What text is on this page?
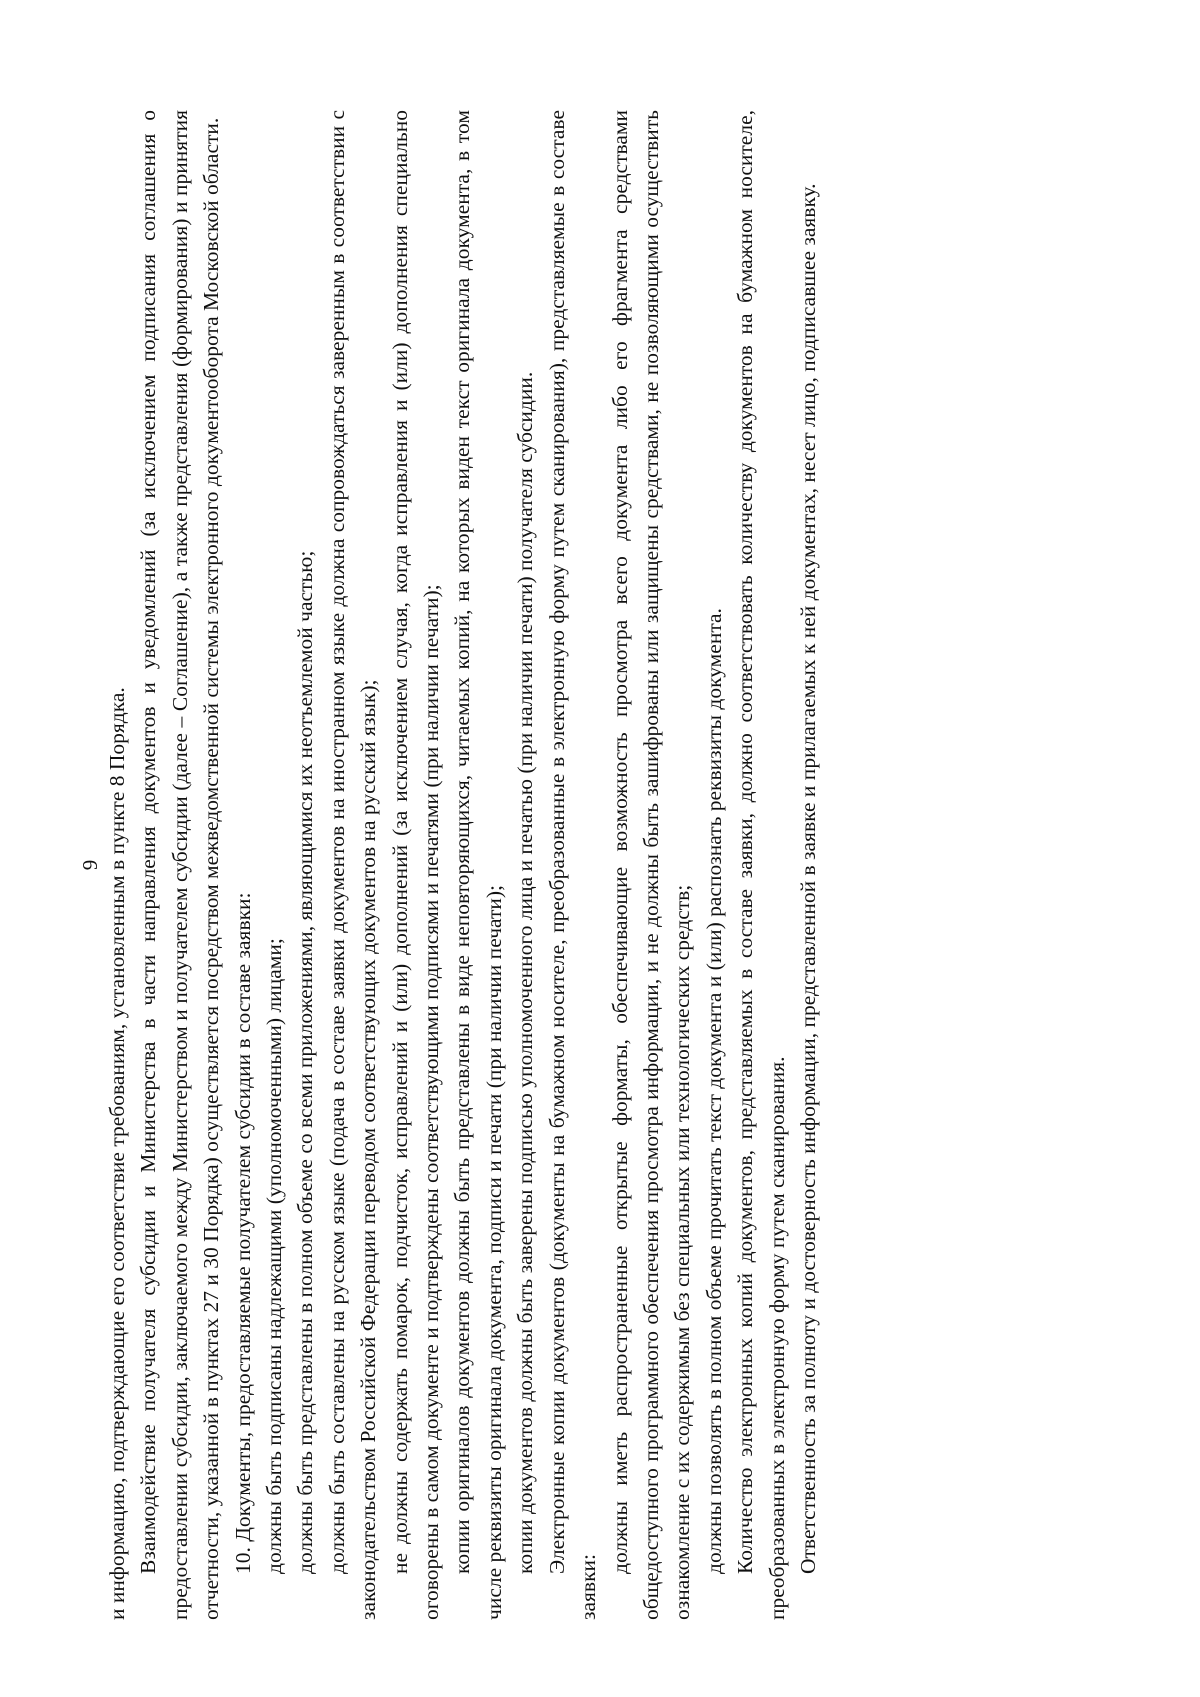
9 и информацию, подтверждающие его соответствие требованиям, установленным в пункте 8 Порядка. Взаимодействие получателя субсидии и Министерства в части направления документов и уведомлений (за исключением подписания соглашения о предоставлении субсидии, заключаемого между Министерством и получателем субсидии (далее – Соглашение), а также представления (формирования) и принятия отчетности, указанной в пунктах 27 и 30 Порядка) осуществляется посредством межведомственной системы электронного документооборота Московской области. 10. Документы, предоставляемые получателем субсидии в составе заявки: должны быть подписаны надлежащими (уполномоченными) лицами; должны быть представлены в полном объеме со всеми приложениями, являющимися их неотъемлемой частью; должны быть составлены на русском языке (подача в составе заявки документов на иностранном языке должна сопровождаться заверенным в соответствии с законодательством Российской Федерации переводом соответствующих документов на русский язык); не должны содержать помарок, подчисток, исправлений и (или) дополнений (за исключением случая, когда исправления и (или) дополнения специально оговорены в самом документе и подтверждены соответствующими подписями и печатями (при наличии печати); копии оригиналов документов должны быть представлены в виде неповторяющихся, читаемых копий, на которых виден текст оригинала документа, в том числе реквизиты оригинала документа, подписи и печати (при наличии печати); копии документов должны быть заверены подписью уполномоченного лица и печатью (при наличии печати) получателя субсидии. Электронные копии документов (документы на бумажном носителе, преобразованные в электронную форму путем сканирования), представляемые в составе заявки:

должны иметь распространенные открытые форматы, обеспечивающие возможность просмотра всего документа либо его фрагмента средствами общедоступного программного обеспечения просмотра информации, и не должны быть зашифрованы или защищены средствами, не позволяющими осуществить ознакомление с их содержимым без специальных или технологических средств; должны позволять в полном объеме прочитать текст документа и (или) распознать реквизиты документа. Количество электронных копий документов, представляемых в составе заявки, должно соответствовать количеству документов на бумажном носителе, преобразованных в электронную форму путем сканирования. Ответственность за полноту и достоверность информации, представленной в заявке и прилагаемых к ней документах, несет лицо, подписавшее заявку.
